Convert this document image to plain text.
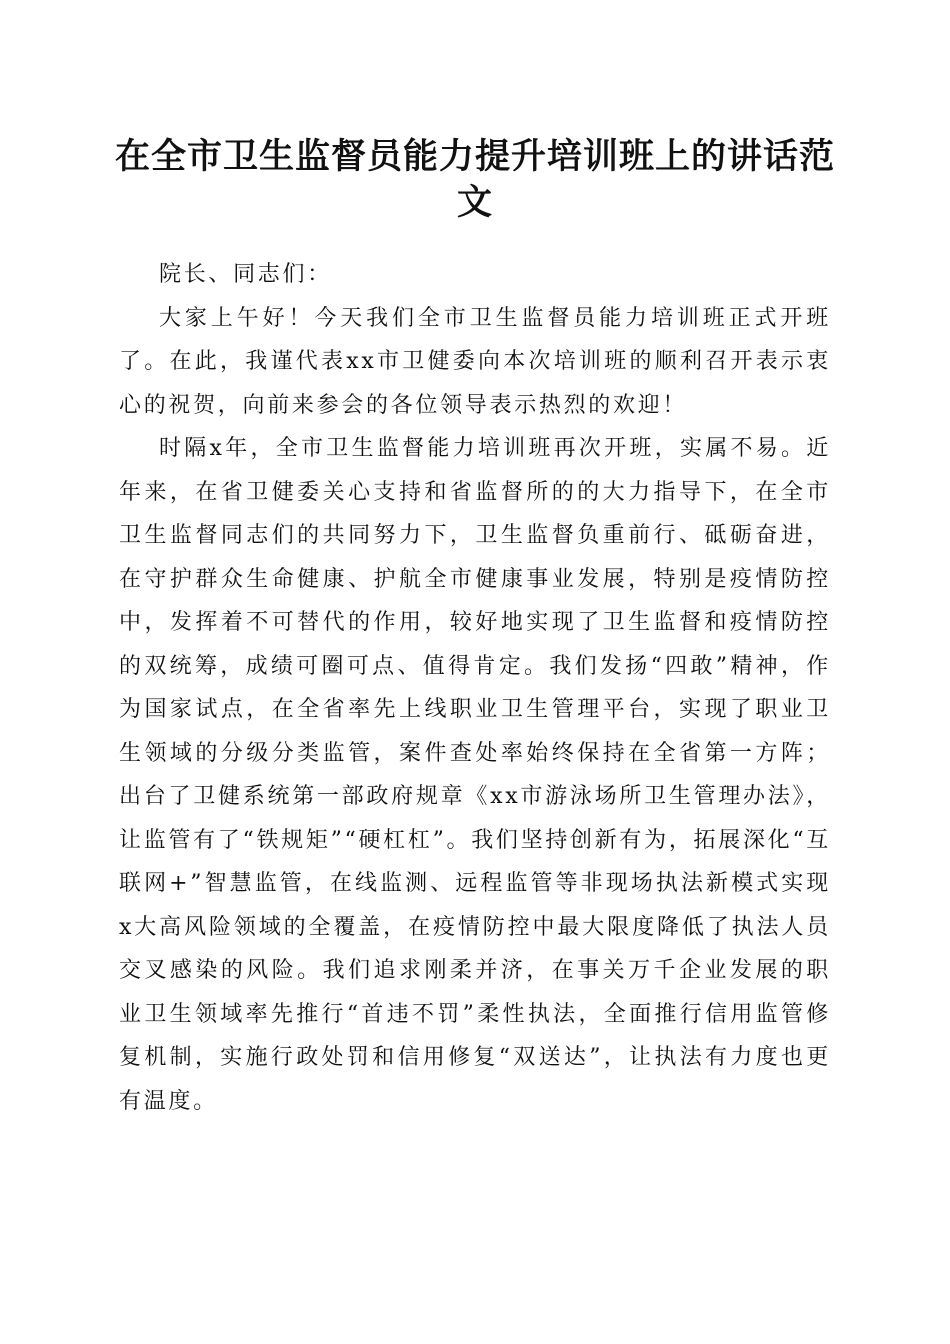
在全市卫生监督员能力提升培训班上的讲话范文

院长、同志们：

大家上午好！今天我们全市卫生监督员能力培训班正式开班了。在此，我谨代表xx市卫健委向本次培训班的顺利召开表示衷心的祝贺，向前来参会的各位领导表示热烈的欢迎！

时隔x年，全市卫生监督能力培训班再次开班，实属不易。近年来，在省卫健委关心支持和省监督所的的大力指导下，在全市卫生监督同志们的共同努力下，卫生监督负重前行、砥砺奋进，在守护群众生命健康、护航全市健康事业发展，特别是疫情防控中，发挥着不可替代的作用，较好地实现了卫生监督和疫情防控的双统筹，成绩可圈可点、值得肯定。我们发扬“四敢”精神，作为国家试点，在全省率先上线职业卫生管理平台，实现了职业卫生领域的分级分类监管，案件查处率始终保持在全省第一方阵；出台了卫健系统第一部政府规章《xx市游泳场所卫生管理办法》，让监管有了“铁规矩”“硬杠杠”。我们坚持创新有为，拓展深化“互联网+”智慧监管，在线监测、远程监管等非现场执法新模式实现x大高风险领域的全覆盖，在疫情防控中最大限度降低了执法人员交叉感染的风险。我们追求刚柔并济，在事关万千企业发展的职业卫生领域率先推行“首违不罚”柔性执法，全面推行信用监管修复机制，实施行政处罚和信用修复“双送达”，让执法有力度也更有温度。
